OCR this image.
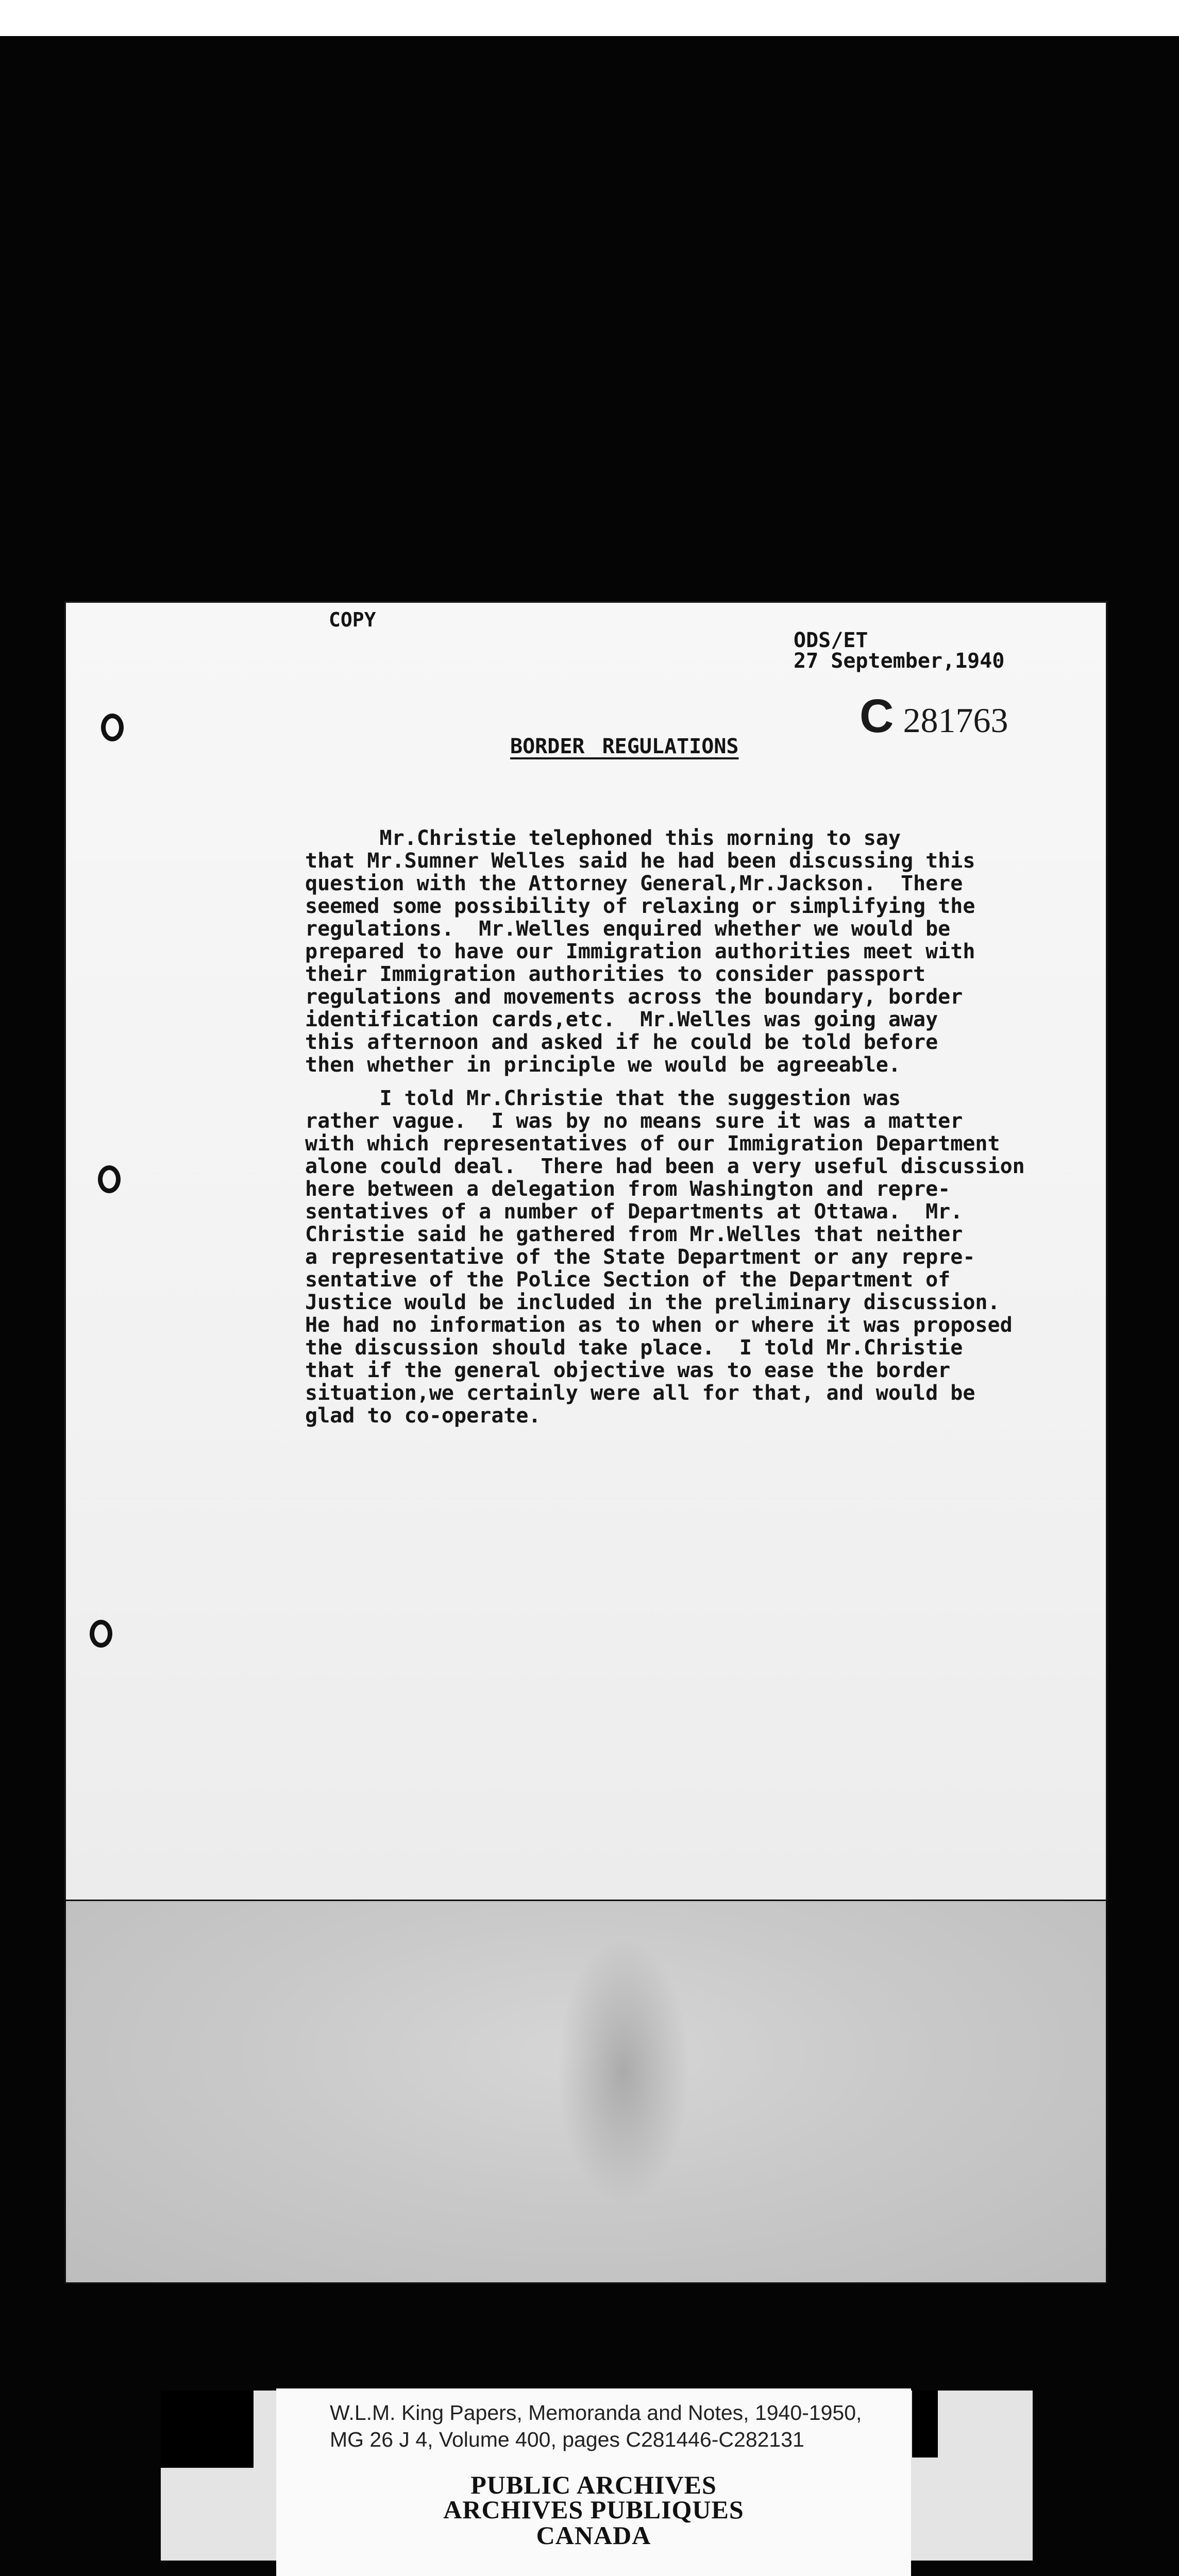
COPY
ODS/ET
27 September,1940
C 281763
BORDER REGULATIONS
Mr.Christie telephoned this morning to say
that Mr.Sumner Welles said he had been discussing this
question with the Attorney General,Mr.Jackson.  There
seemed some possibility of relaxing or simplifying the
regulations.  Mr.Welles enquired whether we would be
prepared to have our Immigration authorities meet with
their Immigration authorities to consider passport
regulations and movements across the boundary, border
identification cards,etc.  Mr.Welles was going away
this afternoon and asked if he could be told before
then whether in principle we would be agreeable.
I told Mr.Christie that the suggestion was
rather vague.  I was by no means sure it was a matter
with which representatives of our Immigration Department
alone could deal.  There had been a very useful discussion
here between a delegation from Washington and repre-
sentatives of a number of Departments at Ottawa.  Mr.
Christie said he gathered from Mr.Welles that neither
a representative of the State Department or any repre-
sentative of the Police Section of the Department of
Justice would be included in the preliminary discussion.
He had no information as to when or where it was proposed
the discussion should take place.  I told Mr.Christie
that if the general objective was to ease the border
situation,we certainly were all for that, and would be
glad to co-operate.
W.L.M. King Papers, Memoranda and Notes, 1940-1950,
MG 26 J 4, Volume 400, pages C281446-C282131
PUBLIC ARCHIVES
ARCHIVES PUBLIQUES
CANADA
